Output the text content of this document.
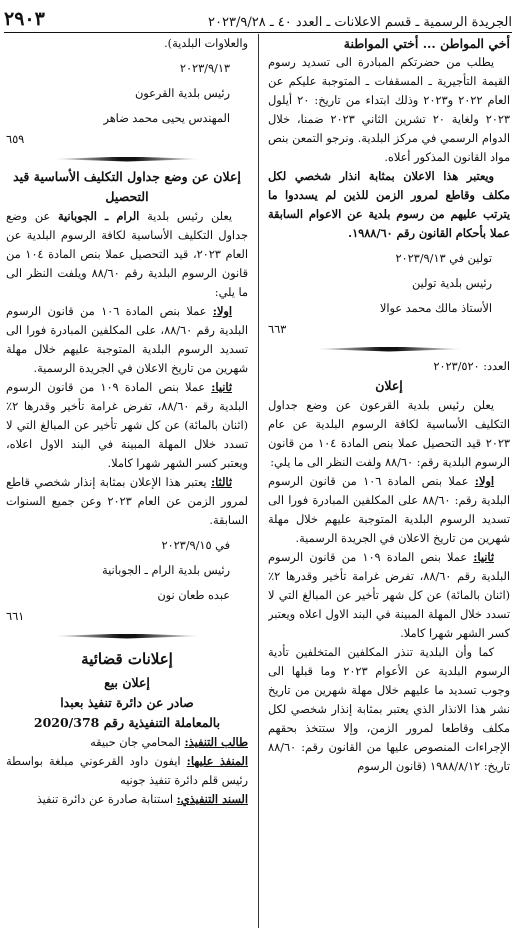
الجريدة الرسمية ـ قسم الاعلانات ـ العدد ٤٠ ـ ٢٠٢٣/٩/٢٨
٢٩٠٣

أخي المواطن ... أختي المواطنة

يطلب من حضرتكم المبادرة الى تسديد رسوم القيمة التأجيرية ـ المسقفات ـ المتوجبة عليكم عن العام ٢٠٢٢ و٢٠٢٣ وذلك ابتداء من تاريخ: ٢٠ أيلول ٢٠٢٣ ولغاية ٢٠ تشرين الثاني ٢٠٢٣ ضمنا، خلال الدوام الرسمي في مركز البلدية. ونرجو التمعن بنص مواد القانون المذكور أعلاه.

ويعتبر هذا الاعلان بمثابة انذار شخصي لكل مكلف وقاطع لمرور الزمن للذين لم يسددوا ما يترتب عليهم من رسوم بلدية عن الاعوام السابقة عملا بأحكام القانون رقم ١٩٨٨/٦٠.

تولين في ٢٠٢٣/٩/١٣

رئيس بلدية تولين

الأستاذ مالك محمد عوالا

٦٦٣

العدد: ٢٠٢٣/٥٢٠

إعلان

يعلن رئيس بلدية القرعون عن وضع جداول التكليف الأساسية لكافة الرسوم البلدية عن عام ٢٠٢٣ قيد التحصيل عملا بنص المادة ١٠٤ من قانون الرسوم البلدية رقم: ٨٨/٦٠ ولفت النظر الى ما يلي:

اولا: عملا بنص المادة ١٠٦ من قانون الرسوم البلدية رقم: ٨٨/٦٠ على المكلفين المبادرة فورا الى تسديد الرسوم البلدية المتوجبة عليهم خلال مهلة شهرين من تاريخ الاعلان في الجريدة الرسمية.

ثانيا: عملا بنص المادة ١٠٩ من قانون الرسوم البلدية رقم ٨٨/٦٠، تفرض غرامة تأخير وقدرها ٢٪ (اثنان بالمائة) عن كل شهر تأخير عن المبالغ التي لا تسدد خلال المهلة المبينة في البند الاول اعلاه ويعتبر كسر الشهر شهرا كاملا.

كما وأن البلدية تنذر المكلفين المتخلفين تأدية الرسوم البلدية عن الأعوام ٢٠٢٣ وما قبلها الى وجوب تسديد ما عليهم خلال مهلة شهرين من تاريخ نشر هذا الانذار الذي يعتبر بمثابة إنذار شخصي لكل مكلف وقاطعا لمرور الزمن، وإلا ستتخذ بحقهم الإجراءات المنصوص عليها من القانون رقم: ٨٨/٦٠ تاريخ: ١٩٨٨/٨/١٢ (قانون الرسوم

والعلاوات البلدية).

٢٠٢٣/٩/١٣

رئيس بلدية القرعون

المهندس يحيى محمد ضاهر

٦٥٩

إعلان عن وضع جداول التكليف الأساسية قيد التحصيل

يعلن رئيس بلدية الرام ـ الجوبانية عن وضع جداول التكليف الأساسية لكافة الرسوم البلدية عن العام ٢٠٢٣، قيد التحصيل عملا بنص المادة ١٠٤ من قانون الرسوم البلدية رقم ٨٨/٦٠ ويلفت النظر الى ما يلي:

اولا: عملا بنص المادة ١٠٦ من قانون الرسوم البلدية رقم ٨٨/٦٠، على المكلفين المبادرة فورا الى تسديد الرسوم البلدية المتوجبة عليهم خلال مهلة شهرين من تاريخ الاعلان في الجريدة الرسمية.

ثانيا: عملا بنص المادة ١٠٩ من قانون الرسوم البلدية رقم ٨٨/٦٠، تفرض غرامة تأخير وقدرها ٢٪ (اثنان بالمائة) عن كل شهر تأخير عن المبالغ التي لا تسدد خلال المهلة المبينة في البند الاول اعلاه، ويعتبر كسر الشهر شهرا كاملا.

ثالثا: يعتبر هذا الإعلان بمثابة إنذار شخصي قاطع لمرور الزمن عن العام ٢٠٢٣ وعن جميع السنوات السابقة.

في ٢٠٢٣/٩/١٥

رئيس بلدية الرام ـ الجوبانية

عبده طعان نون

٦٦١

إعلانات قضائية

إعلان بيع

صادر عن دائرة تنفيذ بعبدا

بالمعاملة التنفيذية رقم 2020/378

طالب التنفيذ: المحامي جان حبيقه

المنفذ عليها: ايفون داود القرعوني مبلغة بواسطة رئيس قلم دائرة تنفيذ جونيه

السند التنفيذي: استنابة صادرة عن دائرة تنفيذ
